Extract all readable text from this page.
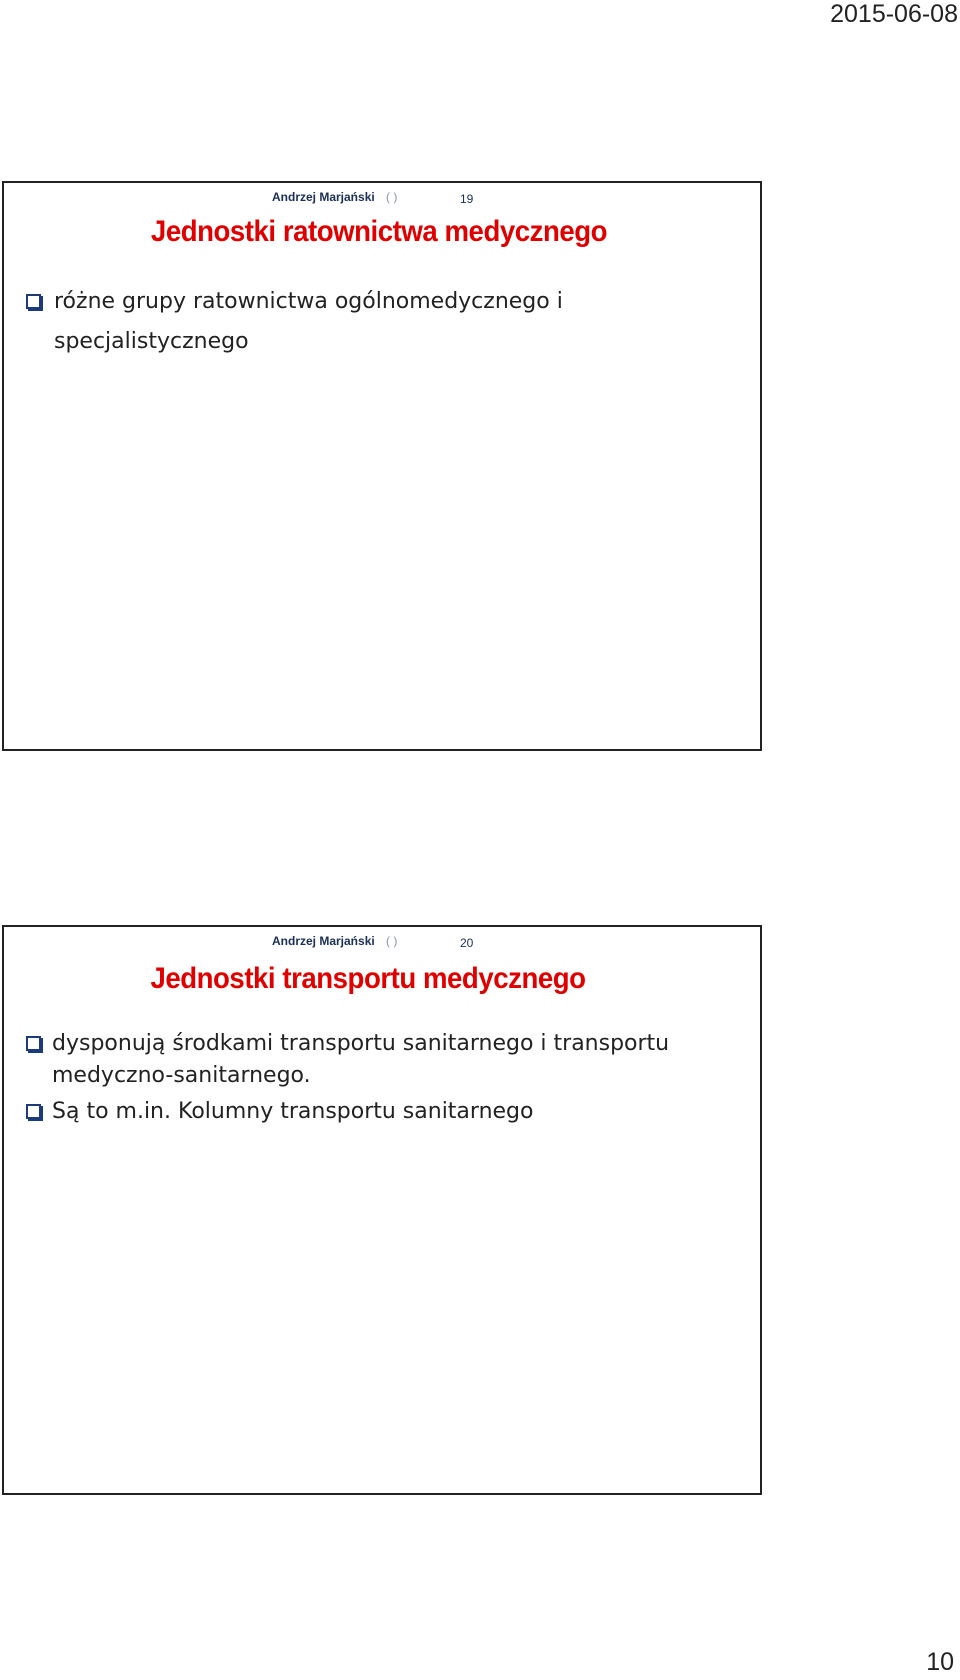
2015-06-08
Andrzej Marjański ( )	19
Jednostki ratownictwa medycznego
różne grupy ratownictwa ogólnomedycznego i specjalistycznego
Andrzej Marjański ( )	20
Jednostki transportu medycznego
dysponują środkami transportu sanitarnego i transportu medyczno-sanitarnego.
Są to m.in. Kolumny transportu sanitarnego
10
